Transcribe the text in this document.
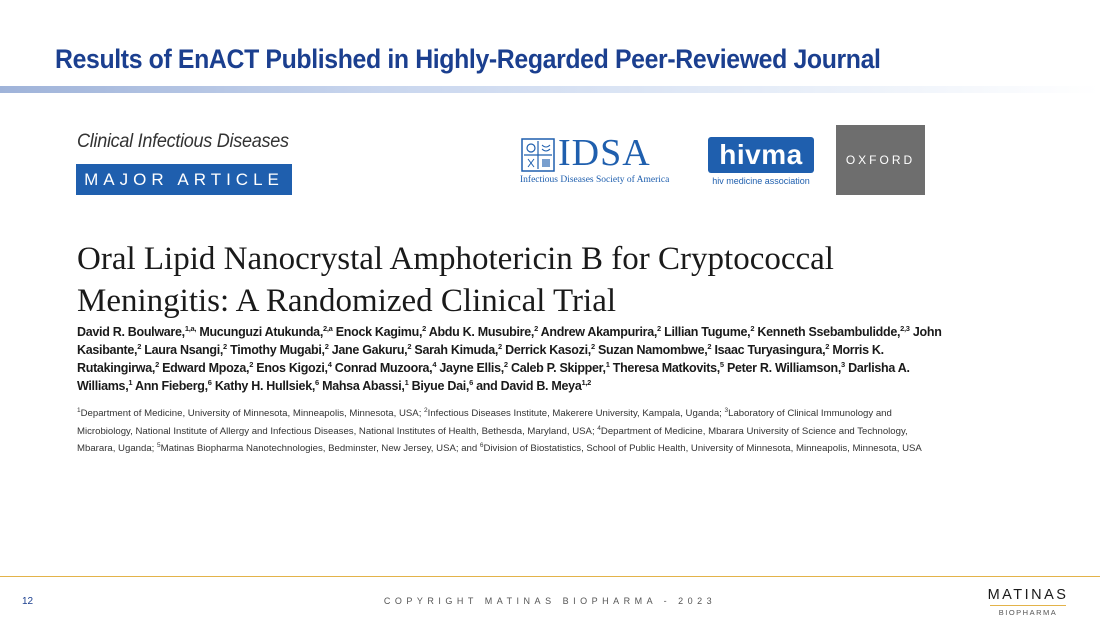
Results of EnACT Published in Highly-Regarded Peer-Reviewed Journal
Clinical Infectious Diseases
MAJOR ARTICLE
IDSA
Infectious Diseases Society of America
hivma
hiv medicine association
OXFORD
Oral Lipid Nanocrystal Amphotericin B for Cryptococcal Meningitis: A Randomized Clinical Trial
David R. Boulware,$^{1,a,}$ Mucunguzi Atukunda,$^{2,a}$ Enock Kagimu,$^2$ Abdu K. Musubire,$^2$ Andrew Akampurira,$^2$ Lillian Tugume,$^2$ Kenneth Ssebambulidde,$^{2,3}$ John Kasibante,$^2$ Laura Nsangi,$^2$ Timothy Mugabi,$^2$ Jane Gakuru,$^2$ Sarah Kimuda,$^2$ Derrick Kasozi,$^2$ Suzan Namombwe,$^2$ Isaac Turyasingura,$^2$ Morris K. Rutakingirwa,$^2$ Edward Mpoza,$^2$ Enos Kigozi,$^4$ Conrad Muzoora,$^4$ Jayne Ellis,$^2$ Caleb P. Skipper,$^1$ Theresa Matkovits,$^5$ Peter R. Williamson,$^3$ Darlisha A. Williams,$^1$ Ann Fieberg,$^6$ Kathy H. Hullsiek,$^6$ Mahsa Abassi,$^1$ Biyue Dai,$^6$ and David B. Meya$^{1,2}$
$^1$Department of Medicine, University of Minnesota, Minneapolis, Minnesota, USA; $^2$Infectious Diseases Institute, Makerere University, Kampala, Uganda; $^3$Laboratory of Clinical Immunology and Microbiology, National Institute of Allergy and Infectious Diseases, National Institutes of Health, Bethesda, Maryland, USA; $^4$Department of Medicine, Mbarara University of Science and Technology, Mbarara, Uganda; $^5$Matinas Biopharma Nanotechnologies, Bedminster, New Jersey, USA; and $^6$Division of Biostatistics, School of Public Health, University of Minnesota, Minneapolis, Minnesota, USA
12	COPYRIGHT MATINAS BIOPHARMA - 2023	MATINAS
BIOPHARMA
